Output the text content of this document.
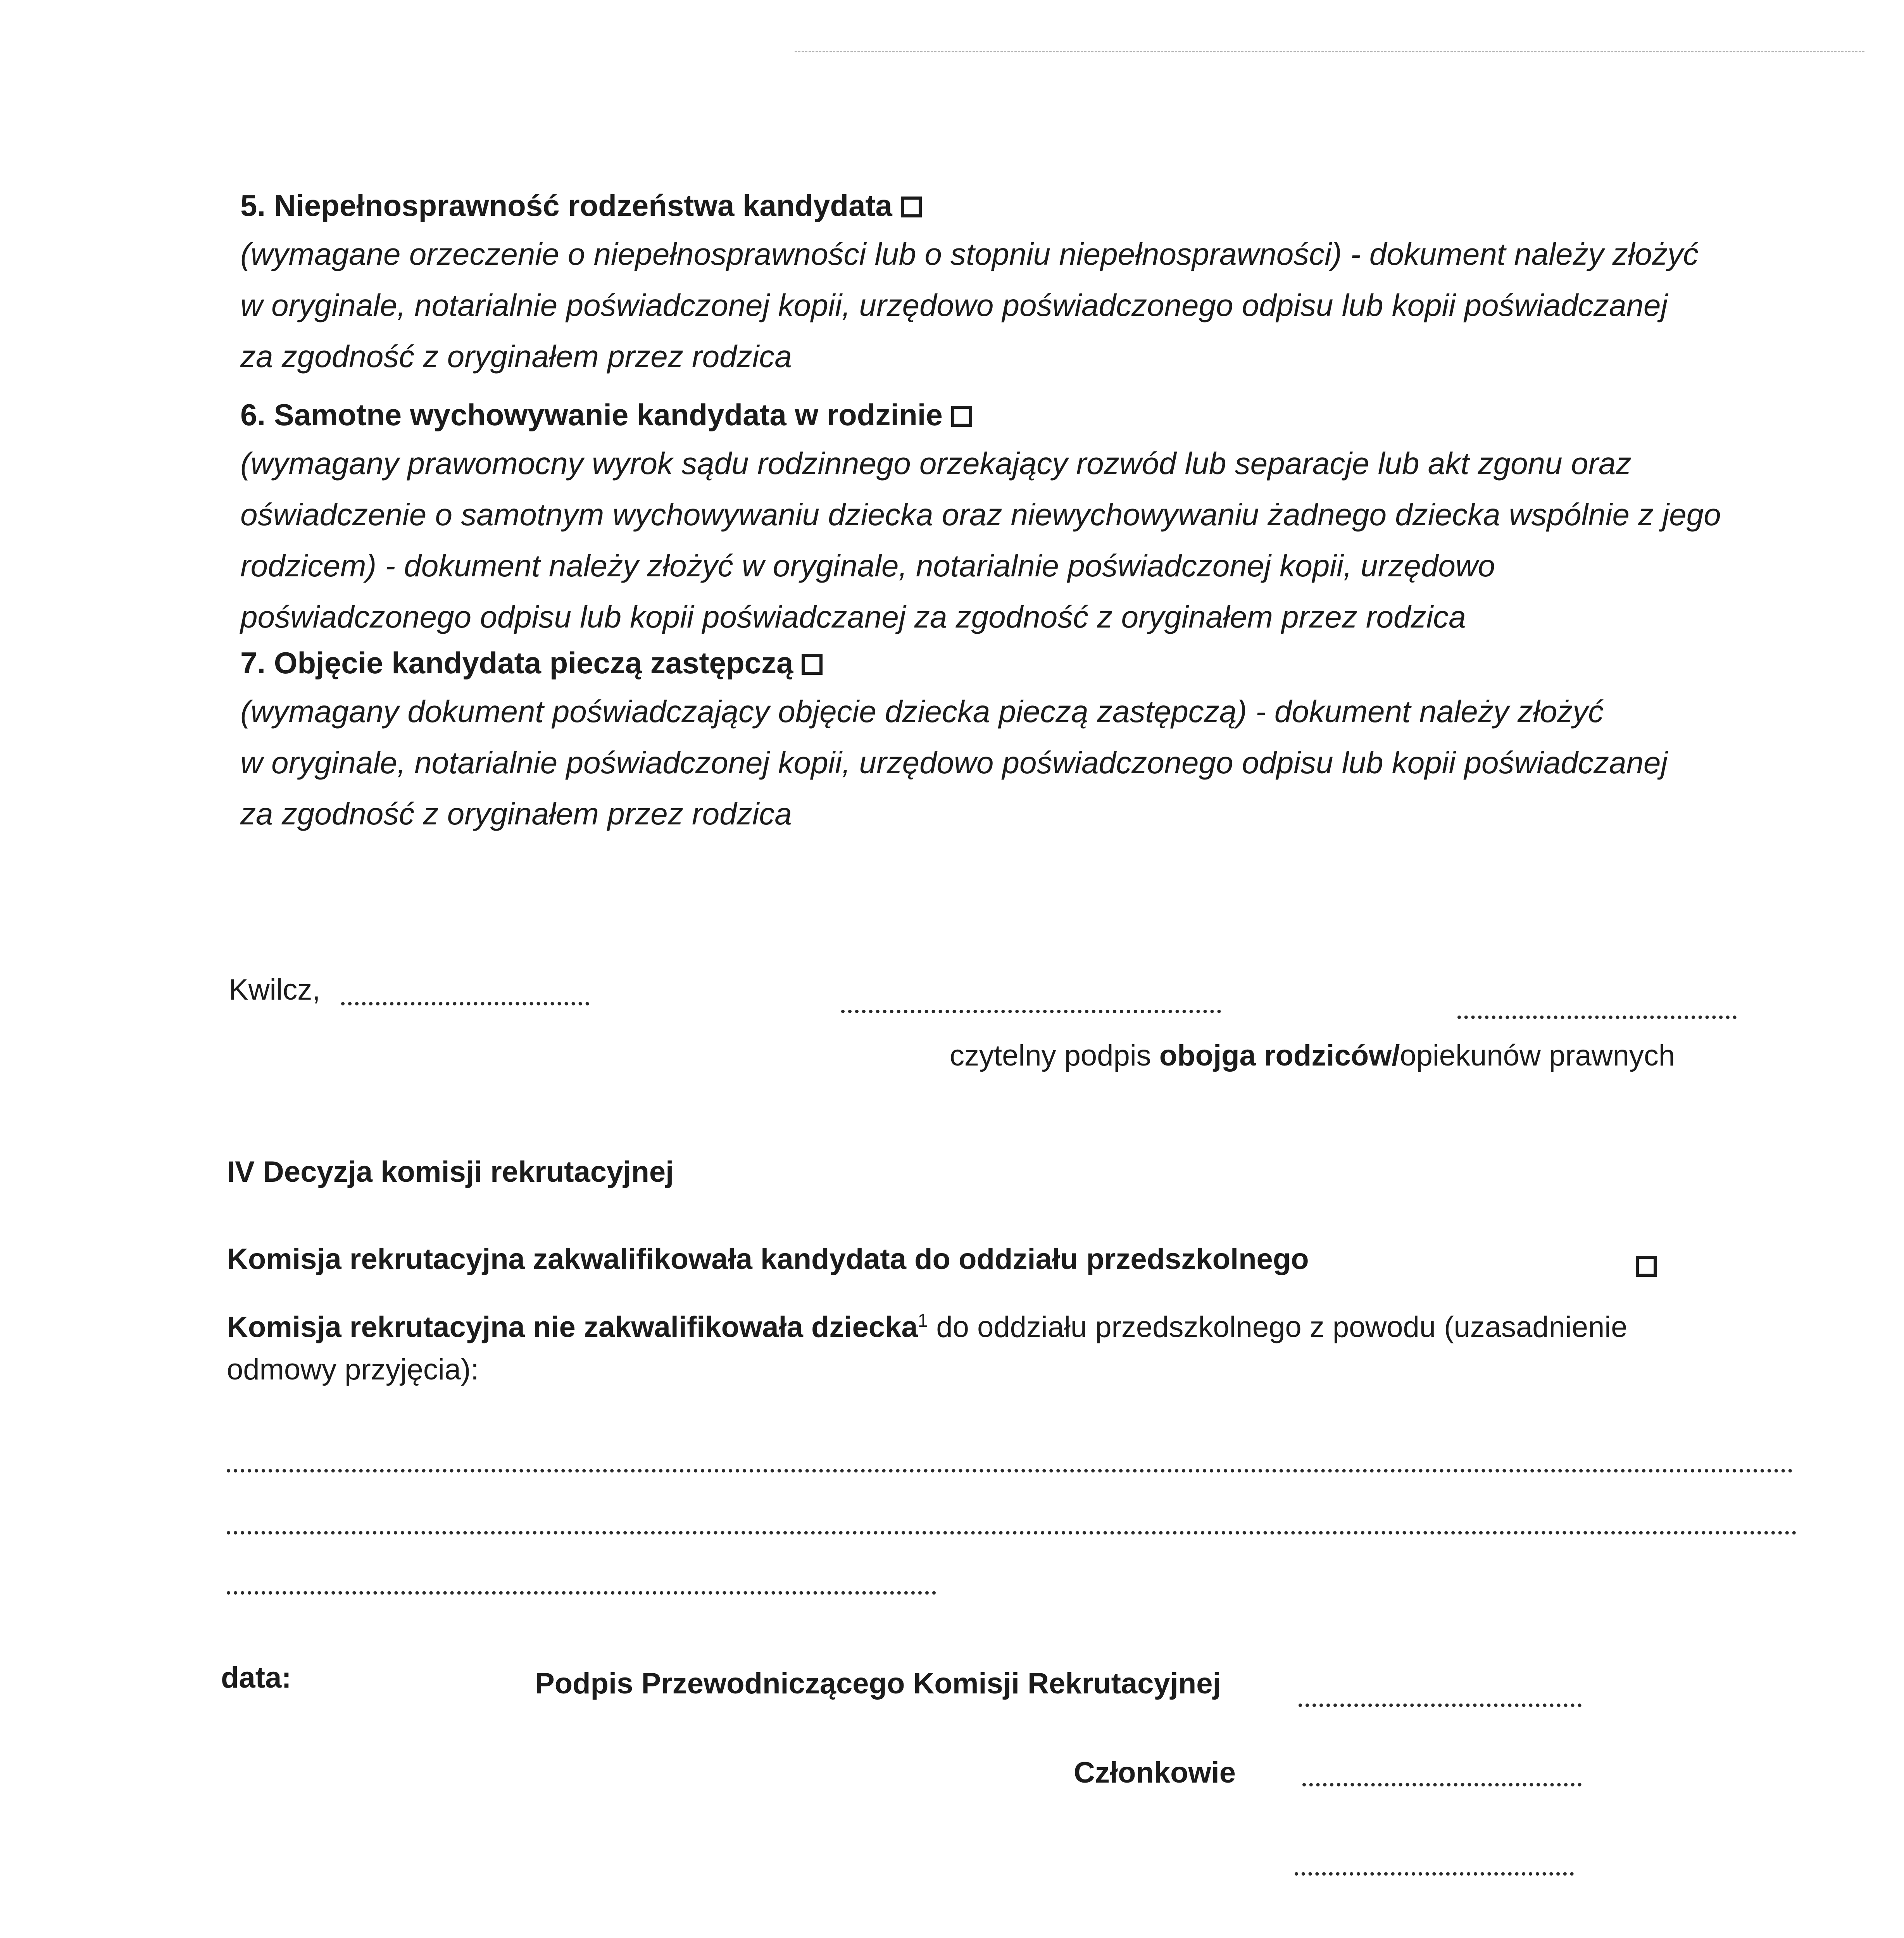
5. Niepełnosprawność rodzeństwa kandydata
(wymagane orzeczenie o niepełnosprawności lub o stopniu niepełnosprawności) - dokument należy złożyć
w oryginale, notarialnie poświadczonej kopii, urzędowo poświadczonego odpisu lub kopii poświadczanej
za zgodność z oryginałem przez rodzica
6. Samotne wychowywanie kandydata w rodzinie
(wymagany prawomocny wyrok sądu rodzinnego orzekający rozwód lub separacje lub akt zgonu oraz
oświadczenie o samotnym wychowywaniu dziecka oraz niewychowywaniu żadnego dziecka wspólnie z jego
rodzicem) - dokument należy złożyć w oryginale, notarialnie poświadczonej kopii, urzędowo
poświadczonego odpisu lub kopii poświadczanej za zgodność z oryginałem przez rodzica
7. Objęcie kandydata pieczą zastępczą
(wymagany dokument poświadczający objęcie dziecka pieczą zastępczą) - dokument należy złożyć
w oryginale, notarialnie poświadczonej kopii, urzędowo poświadczonego odpisu lub kopii poświadczanej
za zgodność z oryginałem przez rodzica
Kwilcz,
czytelny podpis obojga rodziców/opiekunów prawnych
IV Decyzja komisji rekrutacyjnej
Komisja rekrutacyjna zakwalifikowała kandydata do oddziału przedszkolnego
Komisja rekrutacyjna nie zakwalifikowała dziecka$^1$ do oddziału przedszkolnego z powodu (uzasadnienie
odmowy przyjęcia):
data:	Podpis Przewodniczącego Komisji Rekrutacyjnej
Członkowie
